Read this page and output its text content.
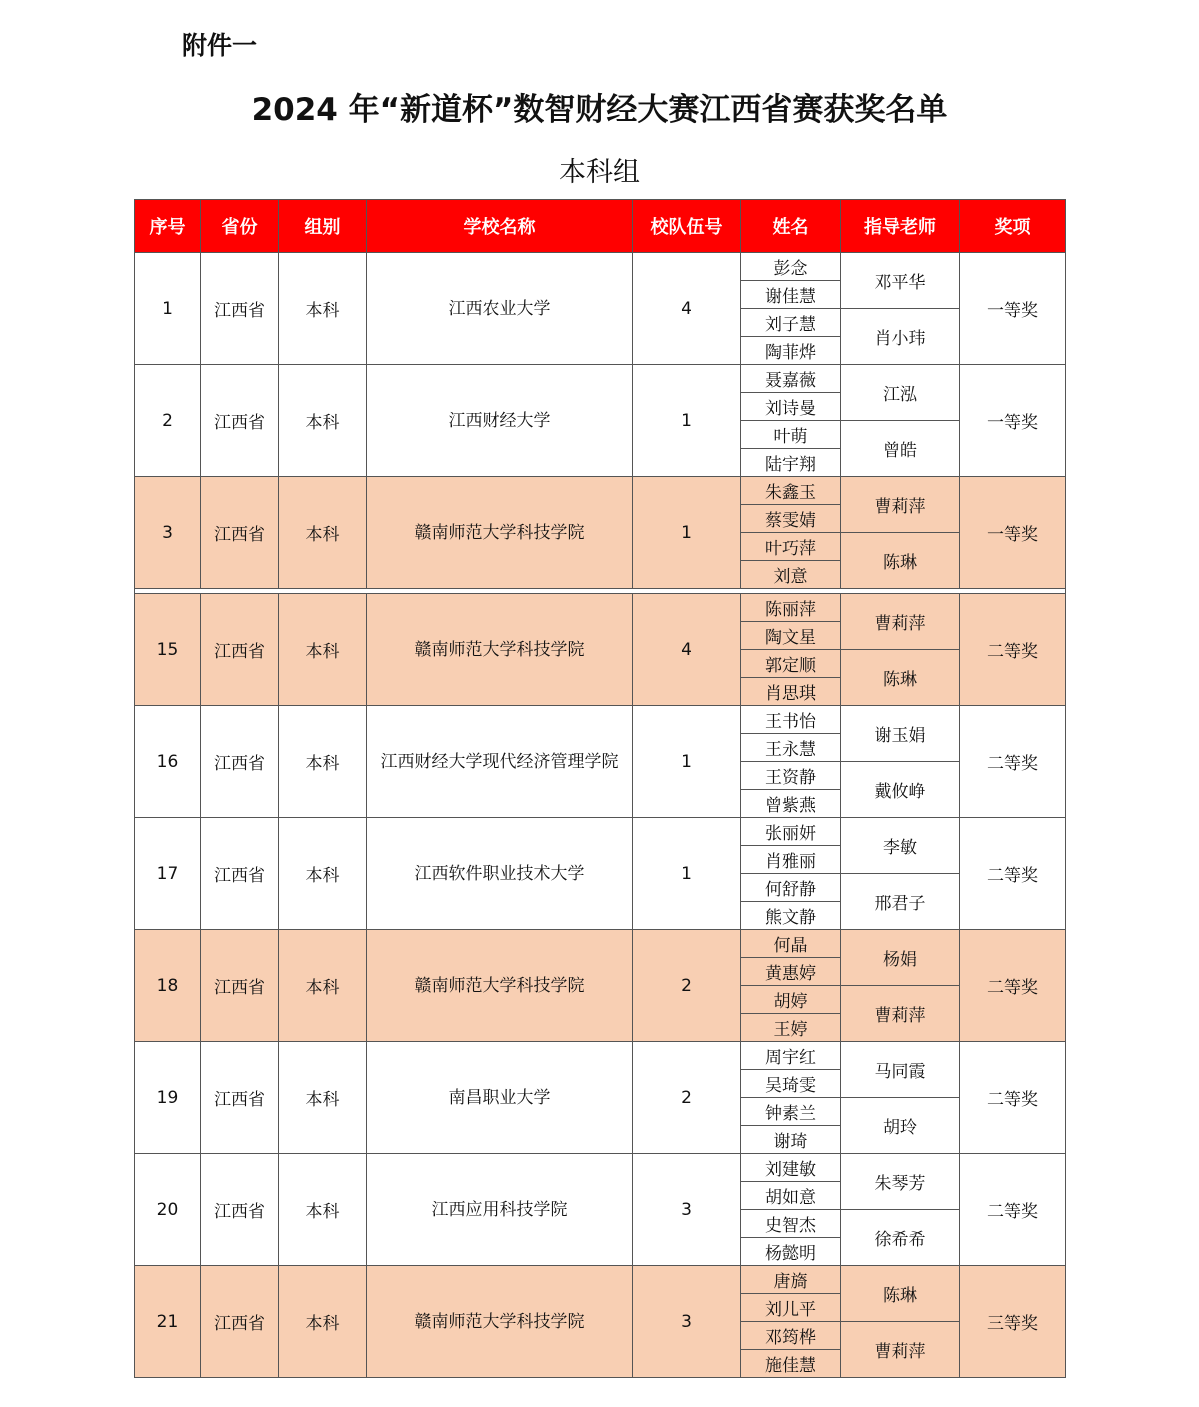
附件一
2024 年“新道杯”数智财经大赛江西省赛获奖名单
本科组
序号	省份	组别	学校名称	校队伍号	姓名	指导老师	奖项
1	江西省	本科	江西农业大学	4	彭念	邓平华	一等奖
					谢佳慧		
					刘子慧	肖小玮	
					陶菲烨		
2	江西省	本科	江西财经大学	1	聂嘉薇	江泓	一等奖
					刘诗曼		
					叶萌	曾皓	
					陆宇翔		
3	江西省	本科	赣南师范大学科技学院	1	朱鑫玉	曹莉萍	一等奖
					蔡雯婧		
					叶巧萍	陈琳	
					刘意		

15	江西省	本科	赣南师范大学科技学院	4	陈丽萍	曹莉萍	二等奖
					陶文星		
					郭定顺	陈琳	
					肖思琪		
16	江西省	本科	江西财经大学现代经济管理学院	1	王书怡	谢玉娟	二等奖
					王永慧		
					王资静	戴攸峥	
					曾紫燕		
17	江西省	本科	江西软件职业技术大学	1	张丽妍	李敏	二等奖
					肖雅丽		
					何舒静	邢君子	
					熊文静		
18	江西省	本科	赣南师范大学科技学院	2	何晶	杨娟	二等奖
					黄惠婷		
					胡婷	曹莉萍	
					王婷		
19	江西省	本科	南昌职业大学	2	周宇红	马同霞	二等奖
					吴琦雯		
					钟素兰	胡玲	
					谢琦		
20	江西省	本科	江西应用科技学院	3	刘建敏	朱琴芳	二等奖
					胡如意		
					史智杰	徐希希	
					杨懿明		
21	江西省	本科	赣南师范大学科技学院	3	唐旖	陈琳	三等奖
					刘儿平		
					邓筠桦	曹莉萍	
					施佳慧		
